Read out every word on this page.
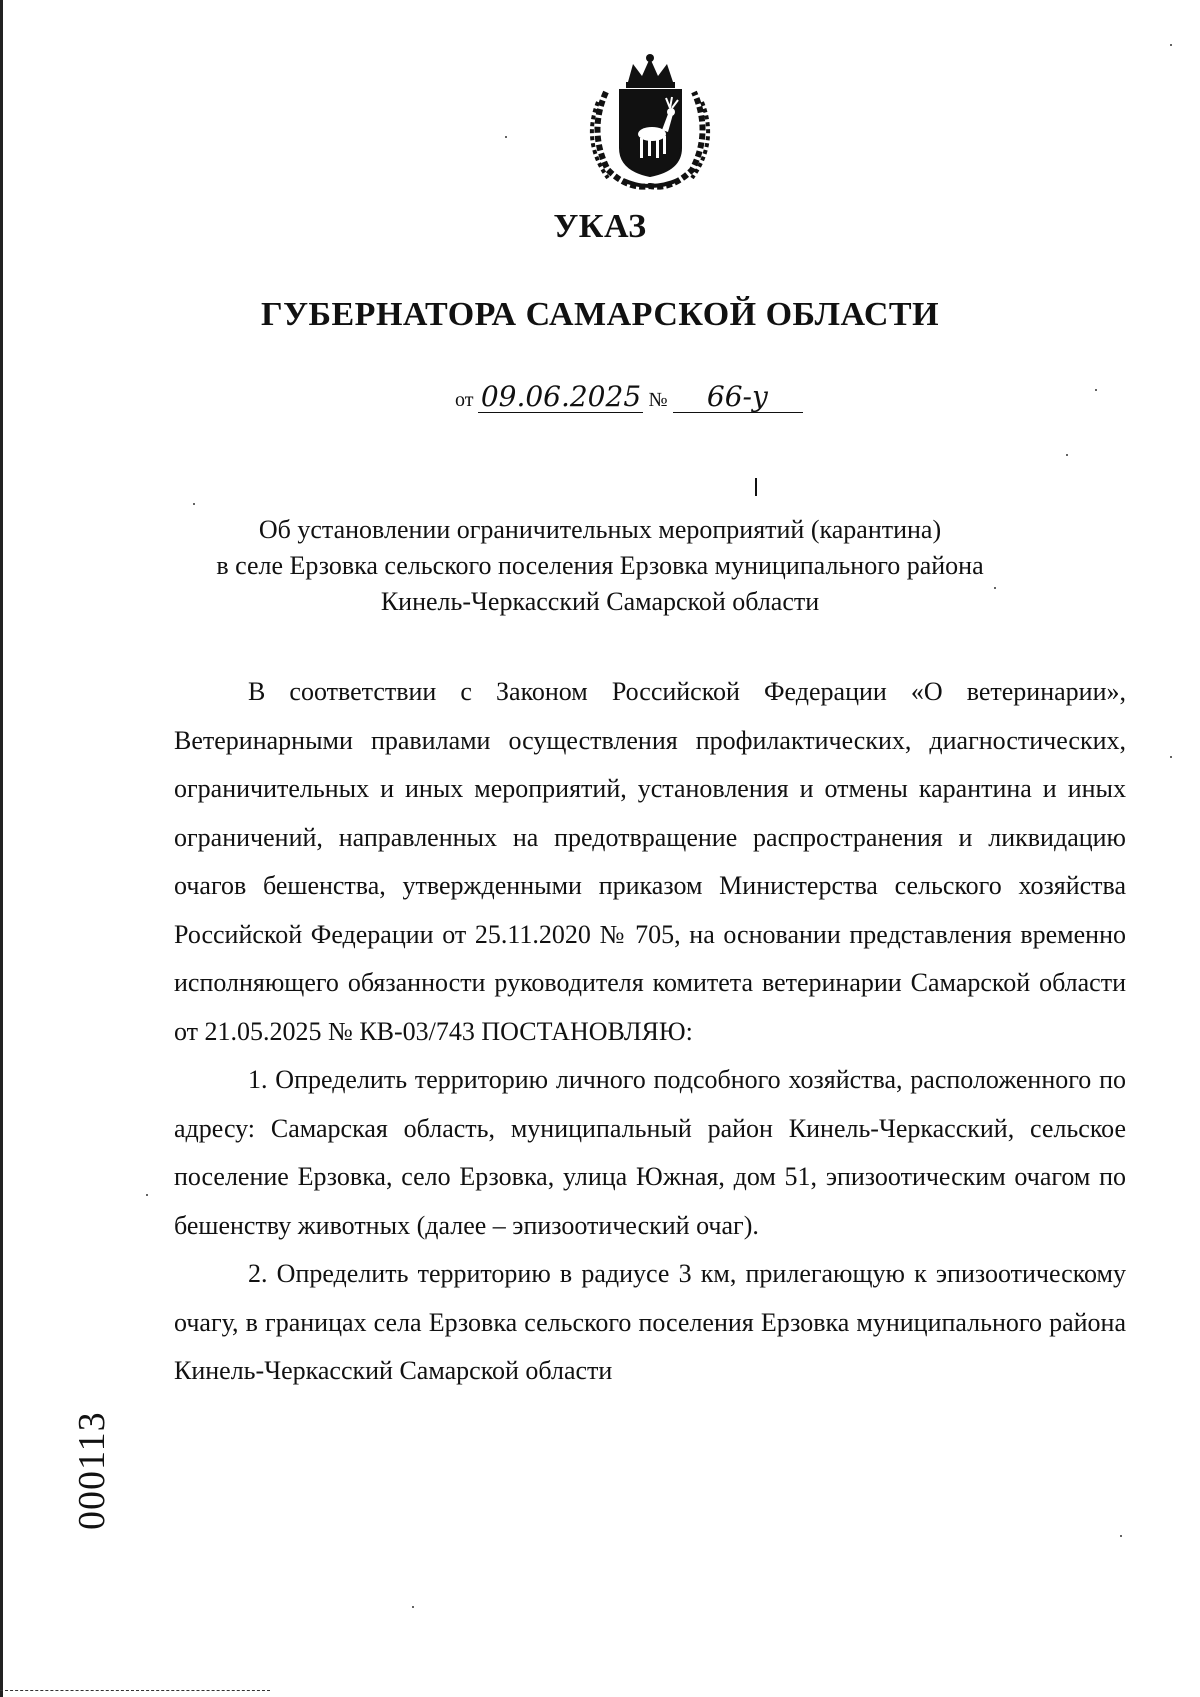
УКАЗ
ГУБЕРНАТОРА САМАРСКОЙ ОБЛАСТИ
от 09.06.2025 № 66-у
Об установлении ограничительных мероприятий (карантина)
в селе Ерзовка сельского поселения Ерзовка муниципального района
Кинель-Черкасский Самарской области

В соответствии с Законом Российской Федерации «О ветеринарии», Ветеринарными правилами осуществления профилактических, диагностических, ограничительных и иных мероприятий, установления и отмены карантина и иных ограничений, направленных на предотвращение распространения и ликвидацию очагов бешенства, утвержденными приказом Министерства сельского хозяйства Российской Федерации от 25.11.2020 № 705, на основании представления временно исполняющего обязанности руководителя комитета ветеринарии Самарской области от 21.05.2025 № КВ-03/743 ПОСТАНОВЛЯЮ:

1. Определить территорию личного подсобного хозяйства, расположенного по адресу: Самарская область, муниципальный район Кинель-Черкасский, сельское поселение Ерзовка, село Ерзовка, улица Южная, дом 51, эпизоотическим очагом по бешенству животных (далее – эпизоотический очаг).

2. Определить территорию в радиусе 3 км, прилегающую к эпизоотическому очагу, в границах села Ерзовка сельского поселения Ерзовка муниципального района Кинель-Черкасский Самарской области

000113
